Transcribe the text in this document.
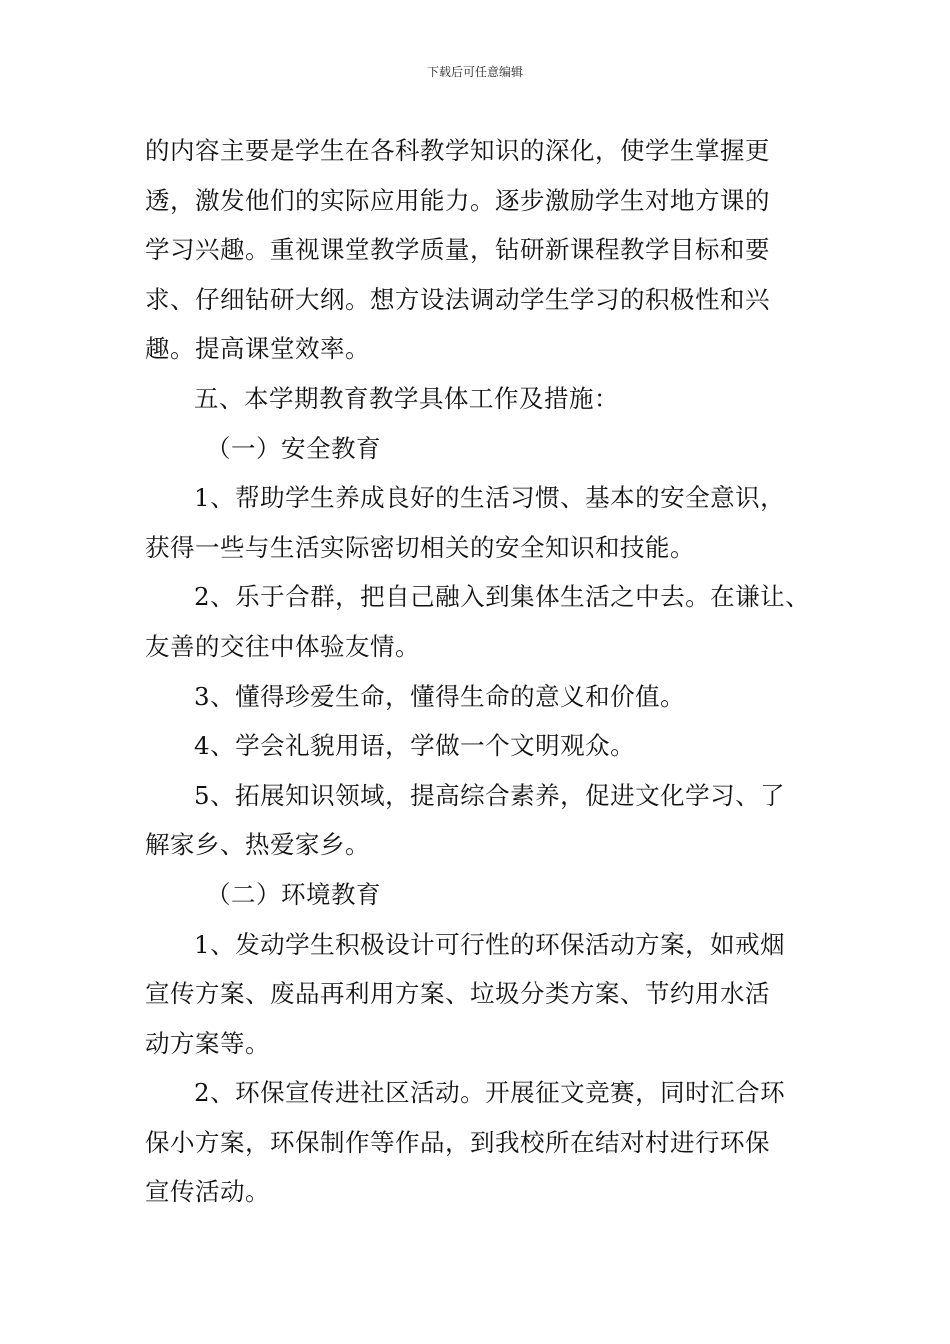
下载后可任意编辑
的内容主要是学生在各科教学知识的深化，使学生掌握更
透，激发他们的实际应用能力。逐步激励学生对地方课的
学习兴趣。重视课堂教学质量，钻研新课程教学目标和要
求、仔细钻研大纲。想方设法调动学生学习的积极性和兴
趣。提高课堂效率。
五、本学期教育教学具体工作及措施：
（一）安全教育
1、帮助学生养成良好的生活习惯、基本的安全意识，
获得一些与生活实际密切相关的安全知识和技能。
2、乐于合群，把自己融入到集体生活之中去。在谦让、
友善的交往中体验友情。
3、懂得珍爱生命，懂得生命的意义和价值。
4、学会礼貌用语，学做一个文明观众。
5、拓展知识领域，提高综合素养，促进文化学习、了
解家乡、热爱家乡。
（二）环境教育
1、发动学生积极设计可行性的环保活动方案，如戒烟
宣传方案、废品再利用方案、垃圾分类方案、节约用水活
动方案等。
2、环保宣传进社区活动。开展征文竞赛，同时汇合环
保小方案，环保制作等作品，到我校所在结对村进行环保
宣传活动。
